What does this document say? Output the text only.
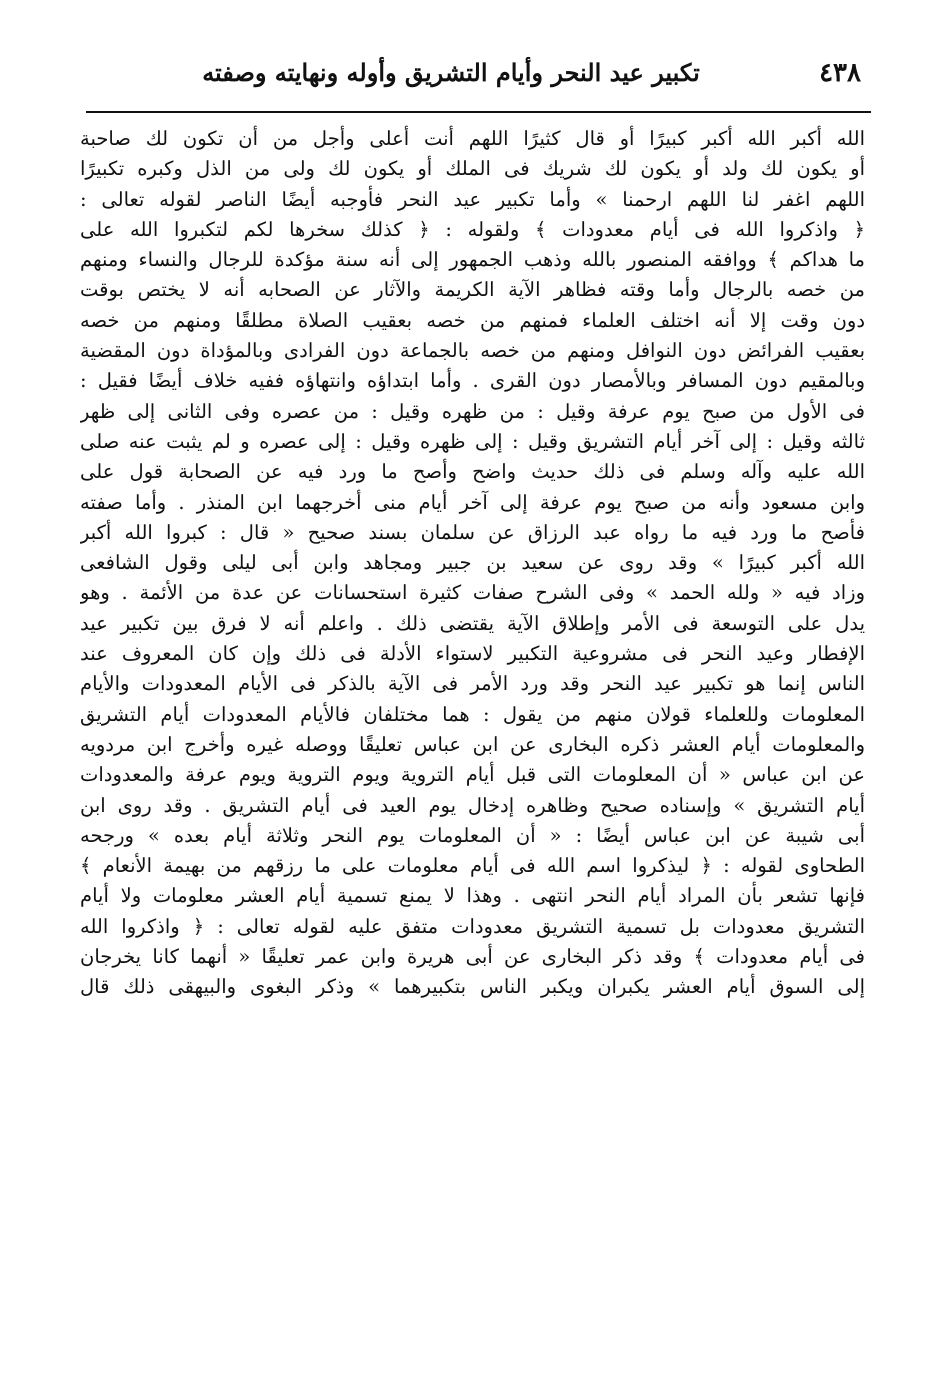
٤٣٨
تكبير عيد النحر وأيام التشريق وأوله ونهايته وصفته
الله أكبر الله أكبر كبيرًا أو قال كثيرًا اللهم أنت أعلى وأجل من أن تكون لك صاحبة
أو يكون لك ولد أو يكون لك شريك فى الملك أو يكون لك ولى من الذل وكبره تكبيرًا
اللهم اغفر لنا اللهم ارحمنا » وأما تكبير عيد النحر فأوجبه أيضًا الناصر لقوله تعالى :
﴿ واذكروا الله فى أيام معدودات ﴾ ولقوله : ﴿ كذلك سخرها لكم لتكبروا الله على
ما هداكم ﴾ ووافقه المنصور بالله وذهب الجمهور إلى أنه سنة مؤكدة للرجال والنساء ومنهم
من خصه بالرجال وأما وقته فظاهر الآية الكريمة والآثار عن الصحابه أنه لا يختص بوقت
دون وقت إلا أنه اختلف العلماء فمنهم من خصه بعقيب الصلاة مطلقًا ومنهم من خصه
بعقيب الفرائض دون النوافل ومنهم من خصه بالجماعة دون الفرادى وبالمؤداة دون المقضية
وبالمقيم دون المسافر وبالأمصار دون القرى . وأما ابتداؤه وانتهاؤه ففيه خلاف أيضًا فقيل :
فى الأول من صبح يوم عرفة وقيل : من ظهره وقيل : من عصره وفى الثانى إلى ظهر
ثالثه وقيل : إلى آخر أيام التشريق وقيل : إلى ظهره وقيل : إلى عصره و لم يثبت عنه صلى
الله عليه وآله وسلم فى ذلك حديث واضح وأصح ما ورد فيه عن الصحابة قول على
وابن مسعود وأنه من صبح يوم عرفة إلى آخر أيام منى أخرجهما ابن المنذر . وأما صفته
فأصح ما ورد فيه ما رواه عبد الرزاق عن سلمان بسند صحيح « قال : كبروا الله أكبر
الله أكبر كبيرًا » وقد روى عن سعيد بن جبير ومجاهد وابن أبى ليلى وقول الشافعى
وزاد فيه « ولله الحمد » وفى الشرح صفات كثيرة استحسانات عن عدة من الأئمة . وهو
يدل على التوسعة فى الأمر وإطلاق الآية يقتضى ذلك . واعلم أنه لا فرق بين تكبير عيد
الإفطار وعيد النحر فى مشروعية التكبير لاستواء الأدلة فى ذلك وإن كان المعروف عند
الناس إنما هو تكبير عيد النحر وقد ورد الأمر فى الآية بالذكر فى الأيام المعدودات والأيام
المعلومات وللعلماء قولان منهم من يقول : هما مختلفان فالأيام المعدودات أيام التشريق
والمعلومات أيام العشر ذكره البخارى عن ابن عباس تعليقًا ووصله غيره وأخرج ابن مردويه
عن ابن عباس « أن المعلومات التى قبل أيام التروية ويوم التروية ويوم عرفة والمعدودات
أيام التشريق » وإسناده صحيح وظاهره إدخال يوم العيد فى أيام التشريق . وقد روى ابن
أبى شيبة عن ابن عباس أيضًا : « أن المعلومات يوم النحر وثلاثة أيام بعده » ورجحه
الطحاوى لقوله : ﴿ ليذكروا اسم الله فى أيام معلومات على ما رزقهم من بهيمة الأنعام ﴾
فإنها تشعر بأن المراد أيام النحر انتهى . وهذا لا يمنع تسمية أيام العشر معلومات ولا أيام
التشريق معدودات بل تسمية التشريق معدودات متفق عليه لقوله تعالى : ﴿ واذكروا الله
فى أيام معدودات ﴾ وقد ذكر البخارى عن أبى هريرة وابن عمر تعليقًا « أنهما كانا يخرجان
إلى السوق أيام العشر يكبران ويكبر الناس بتكبيرهما » وذكر البغوى والبيهقى ذلك قال
